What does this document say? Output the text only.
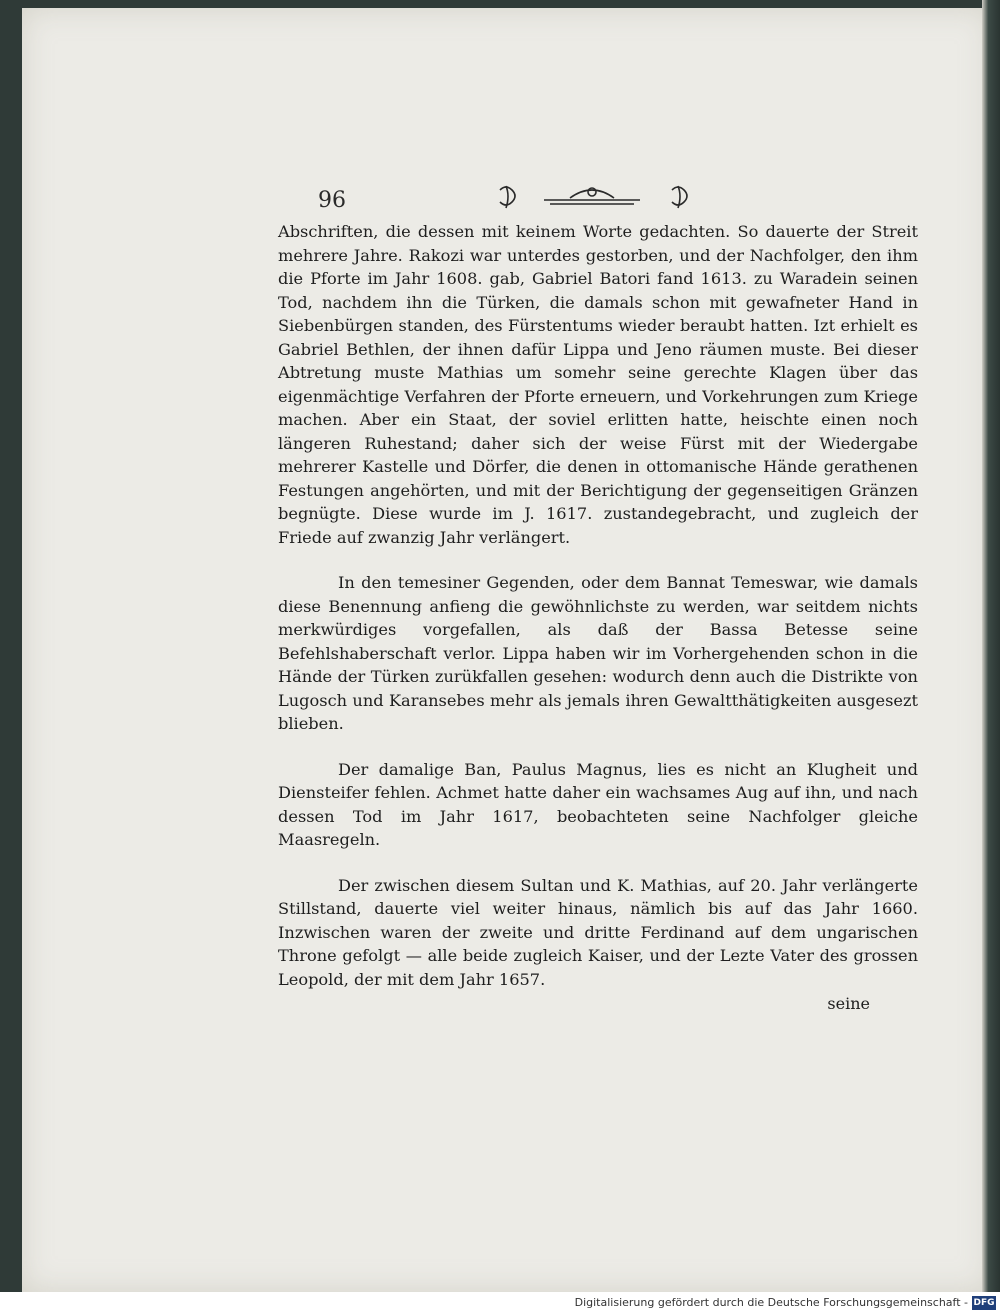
96

Abschriften, die dessen mit keinem Worte gedachten. So dauerte der Streit mehrere Jahre. Rakozi war unterdes gestorben, und der Nachfolger, den ihm die Pforte im Jahr 1608. gab, Gabriel Batori fand 1613. zu Waradein seinen Tod, nachdem ihn die Türken, die damals schon mit gewafneter Hand in Siebenbürgen standen, des Fürstentums wieder beraubt hatten. Izt erhielt es Gabriel Bethlen, der ihnen dafür Lippa und Jeno räumen muste. Bei dieser Abtretung muste Mathias um somehr seine gerechte Klagen über das eigenmächtige Verfahren der Pforte erneuern, und Vorkehrungen zum Kriege machen. Aber ein Staat, der soviel erlitten hatte, heischte einen noch längeren Ruhestand; daher sich der weise Fürst mit der Wiedergabe mehrerer Kastelle und Dörfer, die denen in ottomanische Hände gerathenen Festungen angehörten, und mit der Berichtigung der gegenseitigen Gränzen begnügte. Diese wurde im J. 1617. zustandegebracht, und zugleich der Friede auf zwanzig Jahr verlängert.

In den temesiner Gegenden, oder dem Bannat Temeswar, wie damals diese Benennung anfieng die gewöhnlichste zu werden, war seitdem nichts merkwürdiges vorgefallen, als daß der Bassa Betesse seine Befehlshaberschaft verlor. Lippa haben wir im Vorhergehenden schon in die Hände der Türken zurükfallen gesehen: wodurch denn auch die Distrikte von Lugosch und Karansebes mehr als jemals ihren Gewaltthätigkeiten ausgesezt blieben.

Der damalige Ban, Paulus Magnus, lies es nicht an Klugheit und Diensteifer fehlen. Achmet hatte daher ein wachsames Aug auf ihn, und nach dessen Tod im Jahr 1617, beobachteten seine Nachfolger gleiche Maasregeln.

Der zwischen diesem Sultan und K. Mathias, auf 20. Jahr verlängerte Stillstand, dauerte viel weiter hinaus, nämlich bis auf das Jahr 1660. Inzwischen waren der zweite und dritte Ferdinand auf dem ungarischen Throne gefolgt — alle beide zugleich Kaiser, und der Lezte Vater des grossen Leopold, der mit dem Jahr 1657.

seine
Digitalisierung gefördert durch die Deutsche Forschungsgemeinschaft - DFG
